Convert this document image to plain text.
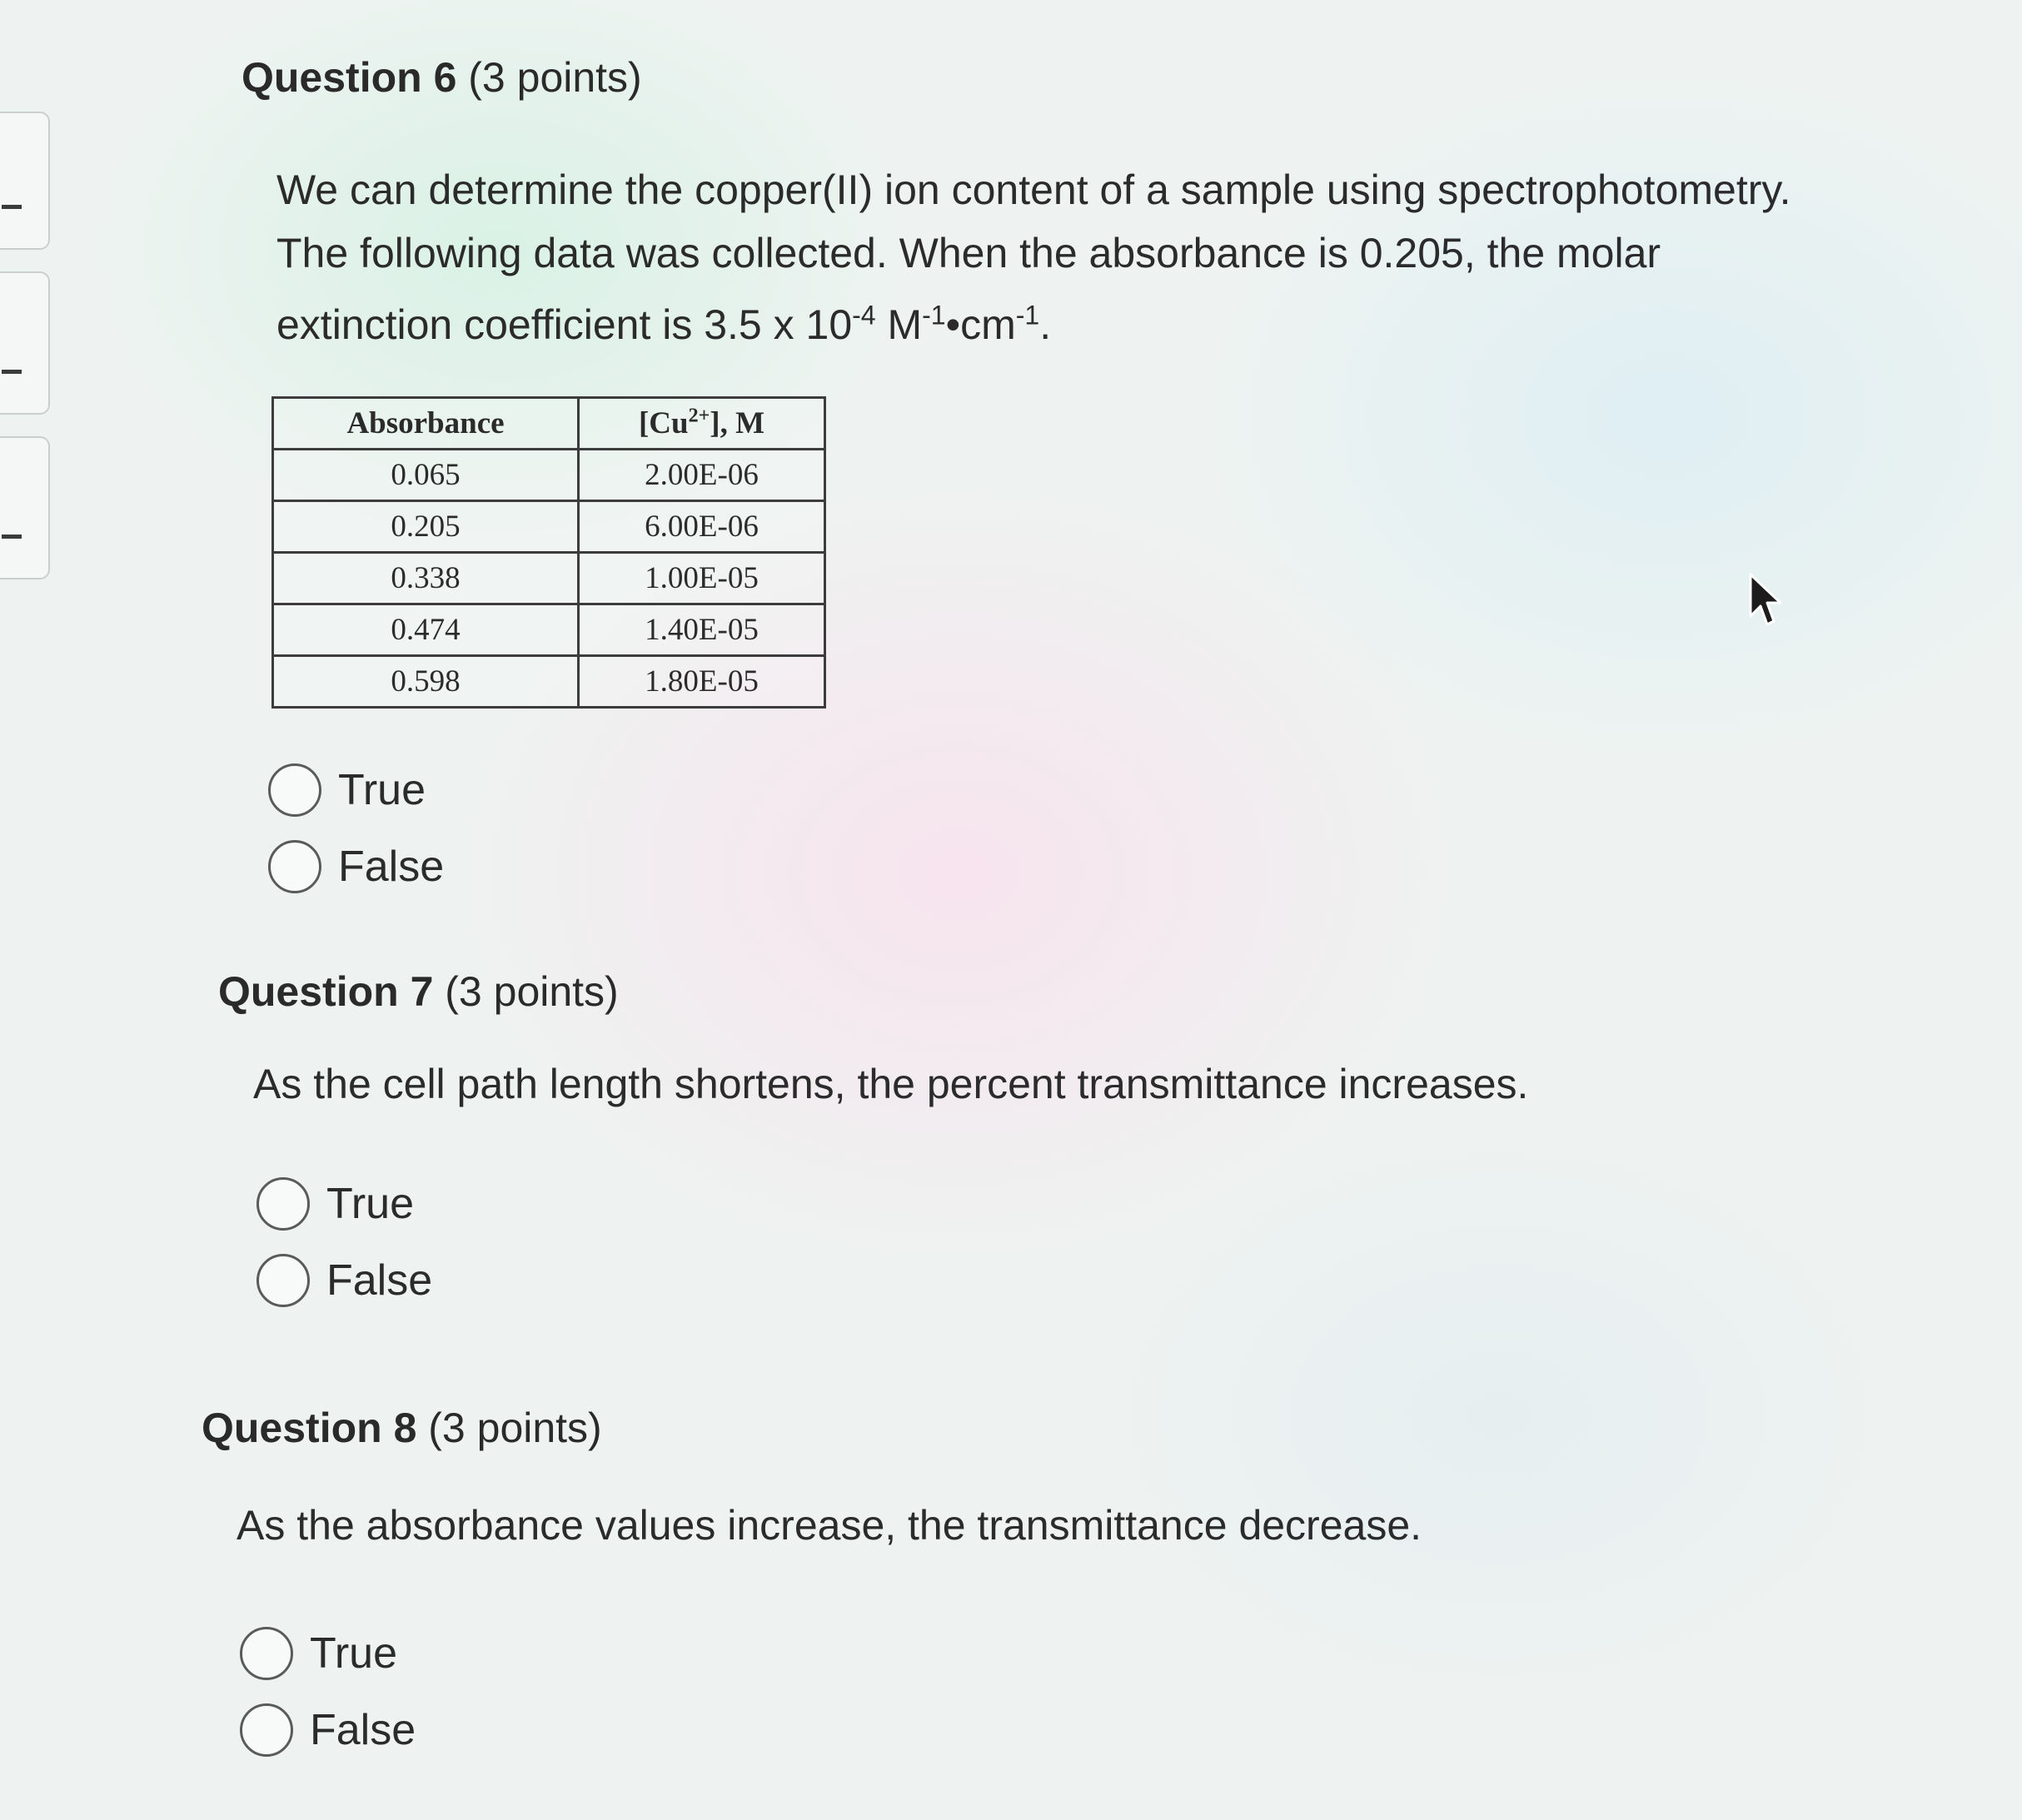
Question 6 (3 points)
We can determine the copper(II) ion content of a sample using spectrophotometry.
The following data was collected. When the absorbance is 0.205, the molar
extinction coefficient is 3.5 x $10^{-4}$ $M^{-1}•cm^{-1}$.
Absorbance	$[Cu^{2+}]$, M
0.065	2.00E-06
0.205	6.00E-06
0.338	1.00E-05
0.474	1.40E-05
0.598	1.80E-05
True
False
Question 7 (3 points)
As the cell path length shortens, the percent transmittance increases.
True
False
Question 8 (3 points)
As the absorbance values increase, the transmittance decrease.
True
False
